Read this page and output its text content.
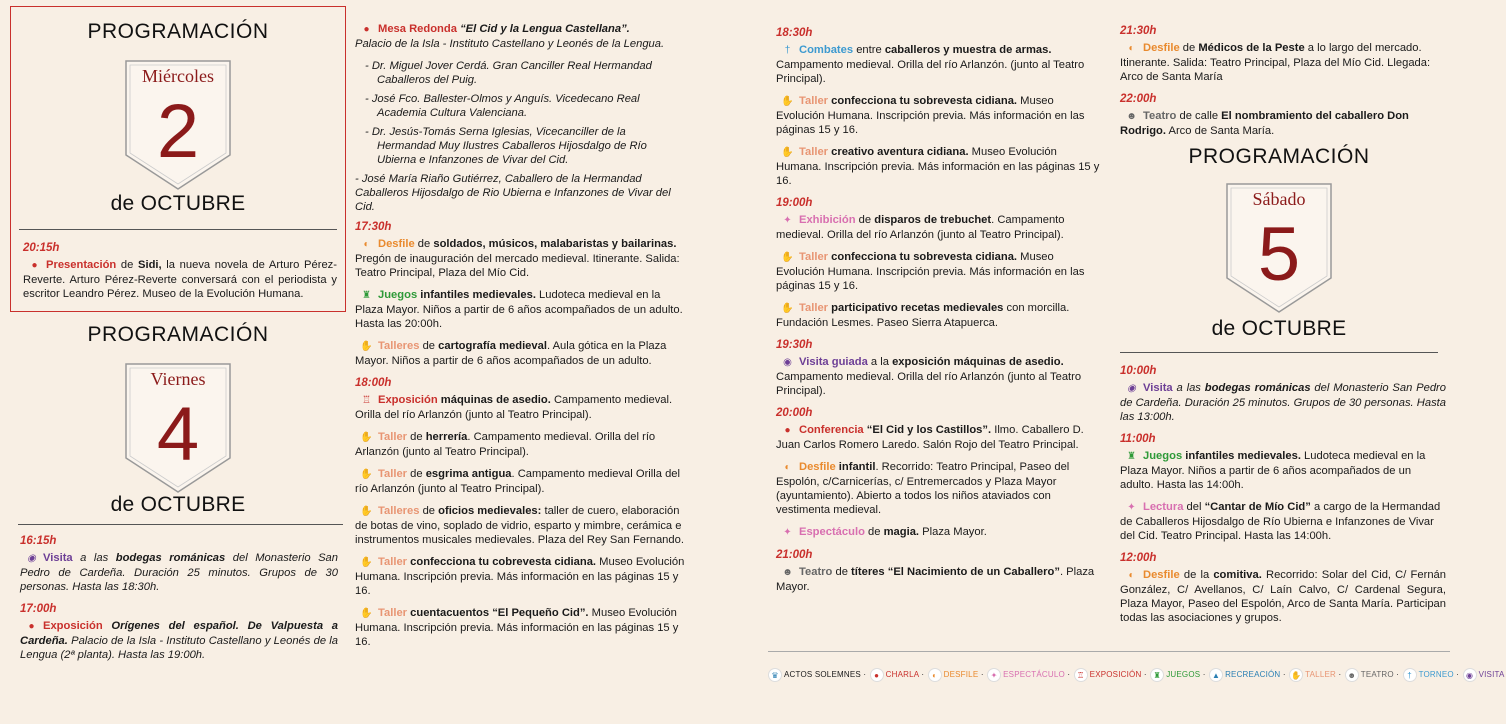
PROGRAMACIÓN
Miércoles
2
de OCTUBRE
20:15h
● Presentación de Sidi, la nueva novela de Arturo Pérez-Reverte. Arturo Pérez-Reverte conversará con el periodista y escritor Leandro Pérez. Museo de la Evolución Humana.
PROGRAMACIÓN
Viernes
4
de OCTUBRE
16:15h
◉ Visita a las bodegas románicas del Monasterio San Pedro de Cardeña. Duración 25 minutos. Grupos de 30 personas. Hasta las 18:30h.
17:00h
● Exposición Orígenes del español. De Valpuesta a Cardeña. Palacio de la Isla - Instituto Castellano y Leonés de la Lengua (2ª planta). Hasta las 19:00h.

● Mesa Redonda “El Cid y la Lengua Castellana”.

Palacio de la Isla - Instituto Castellano y Leonés de la Lengua.

- Dr. Miguel Jover Cerdá. Gran Canciller Real Hermandad Caballeros del Puig.
- José Fco. Ballester-Olmos y Anguís. Vicedecano Real Academia Cultura Valenciana.
- Dr. Jesús-Tomás Serna Iglesias, Vicecanciller de la Hermandad Muy Ilustres Caballeros Hijosdalgo de Río Ubierna e Infanzones de Vivar del Cid.
- José María Riaño Gutiérrez, Caballero de la Hermandad Caballeros Hijosdalgo de Rio Ubierna e Infanzones de Vivar del Cid.
17:30h
◐ Desfile de soldados, músicos, malabaristas y bailarinas. Pregón de inauguración del mercado medieval. Itinerante. Salida: Teatro Principal, Plaza del Mío Cid.
♜ Juegos infantiles medievales. Ludoteca medieval en la Plaza Mayor. Niños a partir de 6 años acompañados de un adulto. Hasta las 20:00h.
✋ Talleres de cartografía medieval. Aula gótica en la Plaza Mayor. Niños a partir de 6 años acompañados de un adulto.
18:00h
♖ Exposición máquinas de asedio. Campamento medieval. Orilla del río Arlanzón (junto al Teatro Principal).
✋ Taller de herrería. Campamento medieval. Orilla del río Arlanzón (junto al Teatro Principal).
✋ Taller de esgrima antigua. Campamento medieval Orilla del río Arlanzón (junto al Teatro Principal).
✋ Talleres de oficios medievales: taller de cuero, elaboración de botas de vino, soplado de vidrio, esparto y mimbre, cerámica e instrumentos musicales medievales. Plaza del Rey San Fernando.
✋ Taller confecciona tu cobrevesta cidiana. Museo Evolución Humana. Inscripción previa. Más información en las páginas 15 y 16.
✋ Taller cuentacuentos “El Pequeño Cid”. Museo Evolución Humana. Inscripción previa. Más información en las páginas 15 y 16.
18:30h
† Combates entre caballeros y muestra de armas. Campamento medieval. Orilla del río Arlanzón. (junto al Teatro Principal).
✋ Taller confecciona tu sobrevesta cidiana. Museo Evolución Humana. Inscripción previa. Más información en las páginas 15 y 16.
✋ Taller creativo aventura cidiana. Museo Evolución Humana. Inscripción previa. Más información en las páginas 15 y 16.
19:00h
✦ Exhibición de disparos de trebuchet. Campamento medieval. Orilla del río Arlanzón (junto al Teatro Principal).
✋ Taller confecciona tu sobrevesta cidiana. Museo Evolución Humana. Inscripción previa. Más información en las páginas 15 y 16.
✋ Taller participativo recetas medievales con morcilla. Fundación Lesmes. Paseo Sierra Atapuerca.
19:30h
◉ Visita guiada a la exposición máquinas de asedio. Campamento medieval. Orilla del río Arlanzón (junto al Teatro Principal).
20:00h
● Conferencia “El Cid y los Castillos”. Ilmo. Caballero D. Juan Carlos Romero Laredo. Salón Rojo del Teatro Principal.
◐ Desfile infantil. Recorrido: Teatro Principal, Paseo del Espolón, c/Carnicerías, c/ Entremercados y Plaza Mayor (ayuntamiento). Abierto a todos los niños ataviados con vestimenta medieval.
✦ Espectáculo de magia. Plaza Mayor.
21:00h
☻ Teatro de títeres “El Nacimiento de un Caballero”. Plaza Mayor.
21:30h
◐ Desfile de Médicos de la Peste a lo largo del mercado. Itinerante. Salida: Teatro Principal, Plaza del Mío Cid. Llegada: Arco de Santa María
22:00h
☻ Teatro de calle El nombramiento del caballero Don Rodrigo. Arco de Santa María.
PROGRAMACIÓN
Sábado
5
de OCTUBRE
10:00h
◉ Visita a las bodegas románicas del Monasterio San Pedro de Cardeña. Duración 25 minutos. Grupos de 30 personas. Hasta las 13:00h.
11:00h
♜ Juegos infantiles medievales. Ludoteca medieval en la Plaza Mayor. Niños a partir de 6 años acompañados de un adulto. Hasta las 14:00h.
✦ Lectura del “Cantar de Mío Cid” a cargo de la Hermandad de Caballeros Hijosdalgo de Río Ubierna e Infanzones de Vivar del Cid. Teatro Principal. Hasta las 14:00h.
12:00h
◐ Desfile de la comitiva. Recorrido: Solar del Cid, C/ Fernán González, C/ Avellanos, C/ Laín Calvo, C/ Cardenal Segura, Plaza Mayor, Paseo del Espolón, Arco de Santa María. Participan todas las asociaciones y grupos.
♛ ACTOS SOLEMNES · ● CHARLA · ◐ DESFILE · ✦ ESPECTÁCULO · ♖ EXPOSICIÓN · ♜ JUEGOS · ▲ RECREACIÓN · ✋ TALLER · ☻ TEATRO · † TORNEO · ◉ VISITA
